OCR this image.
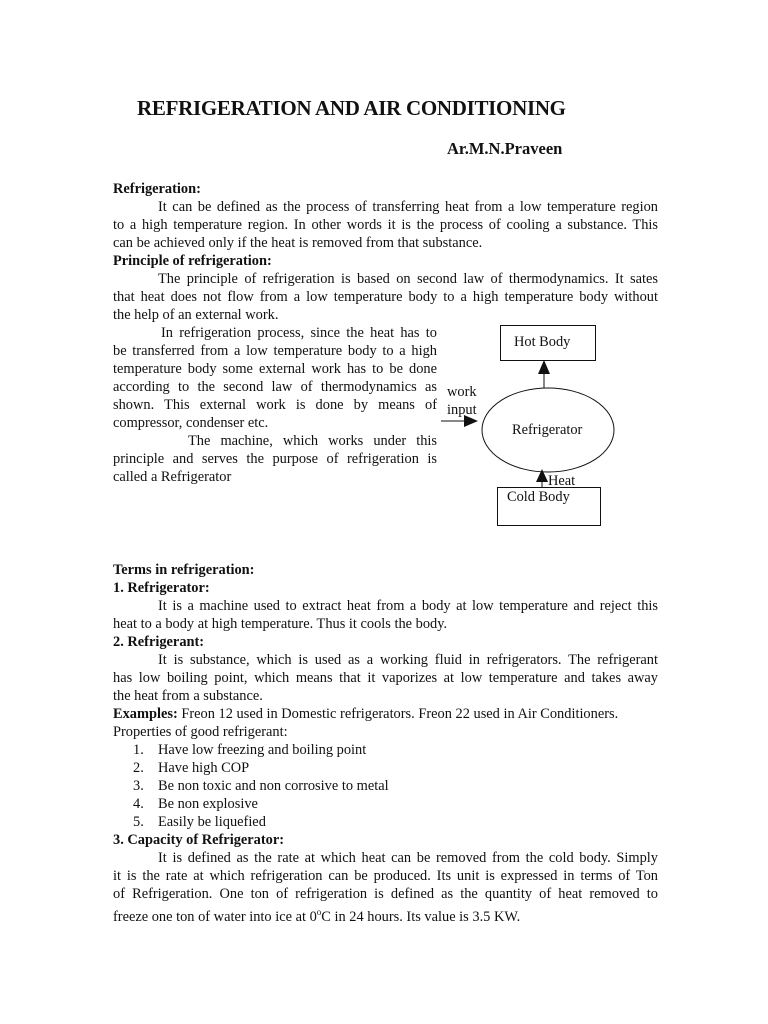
REFRIGERATION AND AIR CONDITIONING
Ar.M.N.Praveen
Refrigeration:
It can be defined as the process of transferring heat from a low temperature region
to a high temperature region. In other words it is the process of cooling a substance. This
can be achieved only if the heat is removed from that substance.
Principle of refrigeration:
The principle of refrigeration is based on second law of thermodynamics. It sates
that heat does not flow from a low temperature body to a high temperature body without
the help of an external work.
In refrigeration process, since the heat has to
be transferred from a low temperature body to a high
temperature body some external work has to be done
according to the second law of thermodynamics as
shown. This external work is done by means of
compressor, condenser etc.
The machine, which works under this
principle and serves the purpose of refrigeration is
called a Refrigerator
Hot Body
Refrigerator
Cold Body
work
input
Heat
Terms in refrigeration:
1. Refrigerator:
It is a machine used to extract heat from a body at low temperature and reject this
heat to a body at high temperature. Thus it cools the body.
2. Refrigerant:
It is substance, which is used as a working fluid in refrigerators. The refrigerant
has low boiling point, which means that it vaporizes at low temperature and takes away
the heat from a substance.
Examples: Freon 12 used in Domestic refrigerators. Freon 22 used in Air Conditioners.
Properties of good refrigerant:
1. Have low freezing and boiling point
2. Have high COP
3. Be non toxic and non corrosive to metal
4. Be non explosive
5. Easily be liquefied
3. Capacity of Refrigerator:
It is defined as the rate at which heat can be removed from the cold body. Simply
it is the rate at which refrigeration can be produced. Its unit is expressed in terms of Ton
of Refrigeration. One ton of refrigeration is defined as the quantity of heat removed to
freeze one ton of water into ice at 0$^o$C in 24 hours. Its value is 3.5 KW.
